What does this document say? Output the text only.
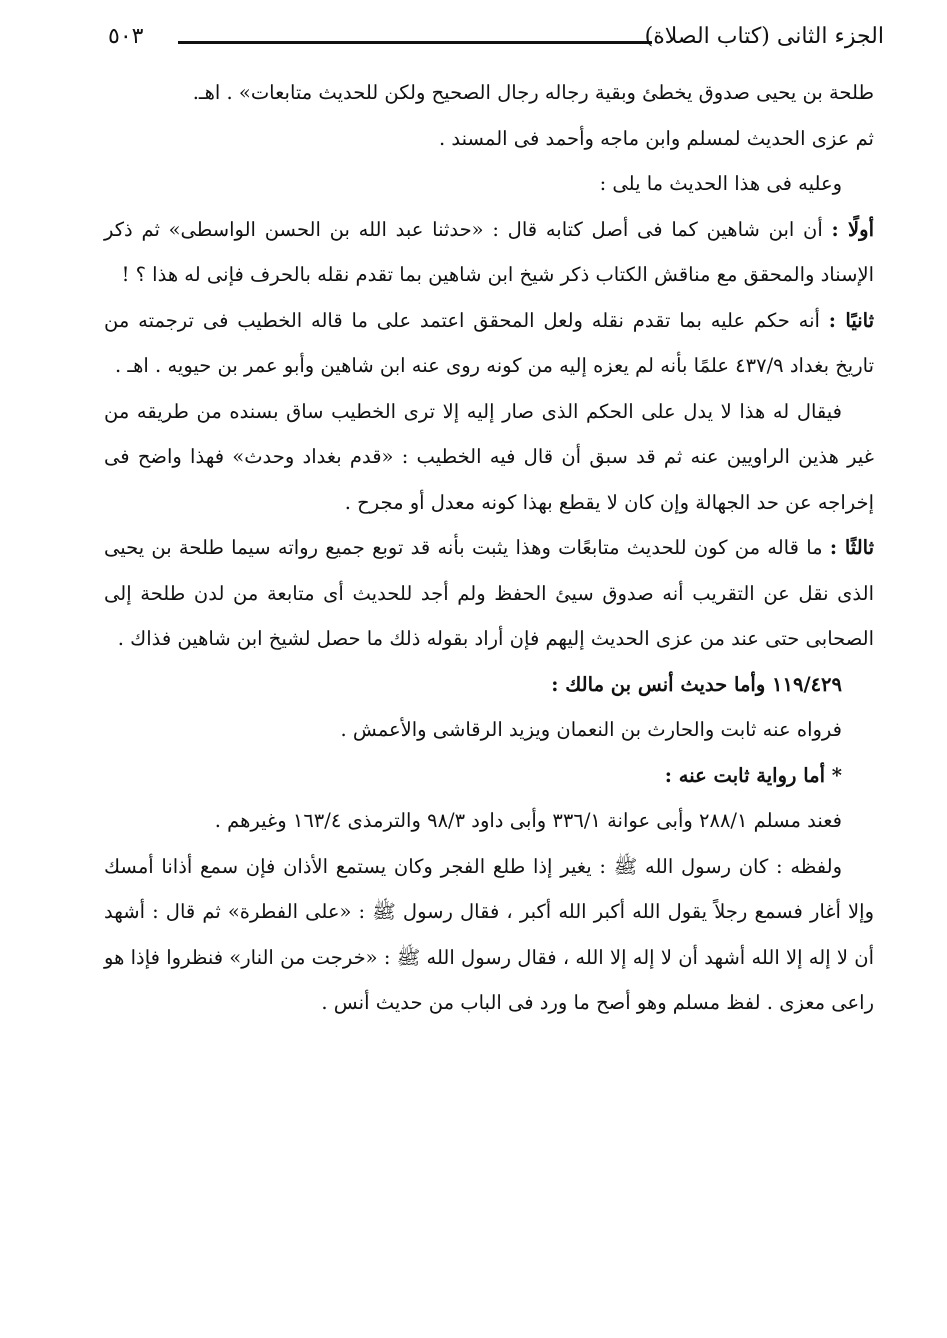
الجزء الثانى (كتاب الصلاة)
٥٠٣

طلحة بن يحيى صدوق يخطئ وبقية رجاله رجال الصحيح ولكن للحديث متابعات» . اهـ.

ثم عزى الحديث لمسلم وابن ماجه وأحمد فى المسند .

وعليه فى هذا الحديث ما يلى :

أولًا : أن ابن شاهين كما فى أصل كتابه قال : «حدثنا عبد الله بن الحسن الواسطى» ثم ذكر الإسناد والمحقق مع مناقش الكتاب ذكر شيخ ابن شاهين بما تقدم نقله بالحرف فإنى له هذا ؟ !

ثانيًا : أنه حكم عليه بما تقدم نقله ولعل المحقق اعتمد على ما قاله الخطيب فى ترجمته من تاريخ بغداد ٤٣٧/٩ علمًا بأنه لم يعزه إليه من كونه روى عنه ابن شاهين وأبو عمر بن حيويه . اهـ .

فيقال له هذا لا يدل على الحكم الذى صار إليه إلا ترى الخطيب ساق بسنده من طريقه من غير هذين الراويين عنه ثم قد سبق أن قال فيه الخطيب : «قدم بغداد وحدث» فهذا واضح فى إخراجه عن حد الجهالة وإن كان لا يقطع بهذا كونه معدل أو مجرح .

ثالثًا : ما قاله من كون للحديث متابعًات وهذا يثبت بأنه قد توبع جميع رواته سيما طلحة بن يحيى الذى نقل عن التقريب أنه صدوق سيئ الحفظ ولم أجد للحديث أى متابعة من لدن طلحة إلى الصحابى حتى عند من عزى الحديث إليهم فإن أراد بقوله ذلك ما حصل لشيخ ابن شاهين فذاك .

١١٩/٤٢٩ وأما حديث أنس بن مالك :

فرواه عنه ثابت والحارث بن النعمان ويزيد الرقاشى والأعمش .

* أما رواية ثابت عنه :

فعند مسلم ٢٨٨/١ وأبى عوانة ٣٣٦/١ وأبى داود ٩٨/٣ والترمذى ١٦٣/٤ وغيرهم .

ولفظه : كان رسول الله ﷺ : يغير إذا طلع الفجر وكان يستمع الأذان فإن سمع أذانا أمسك وإلا أغار فسمع رجلاً يقول الله أكبر الله أكبر ، فقال رسول ﷺ : «على الفطرة» ثم قال : أشهد أن لا إله إلا الله أشهد أن لا إله إلا الله ، فقال رسول الله ﷺ : «خرجت من النار» فنظروا فإذا هو راعى معزى . لفظ مسلم وهو أصح ما ورد فى الباب من حديث أنس .
